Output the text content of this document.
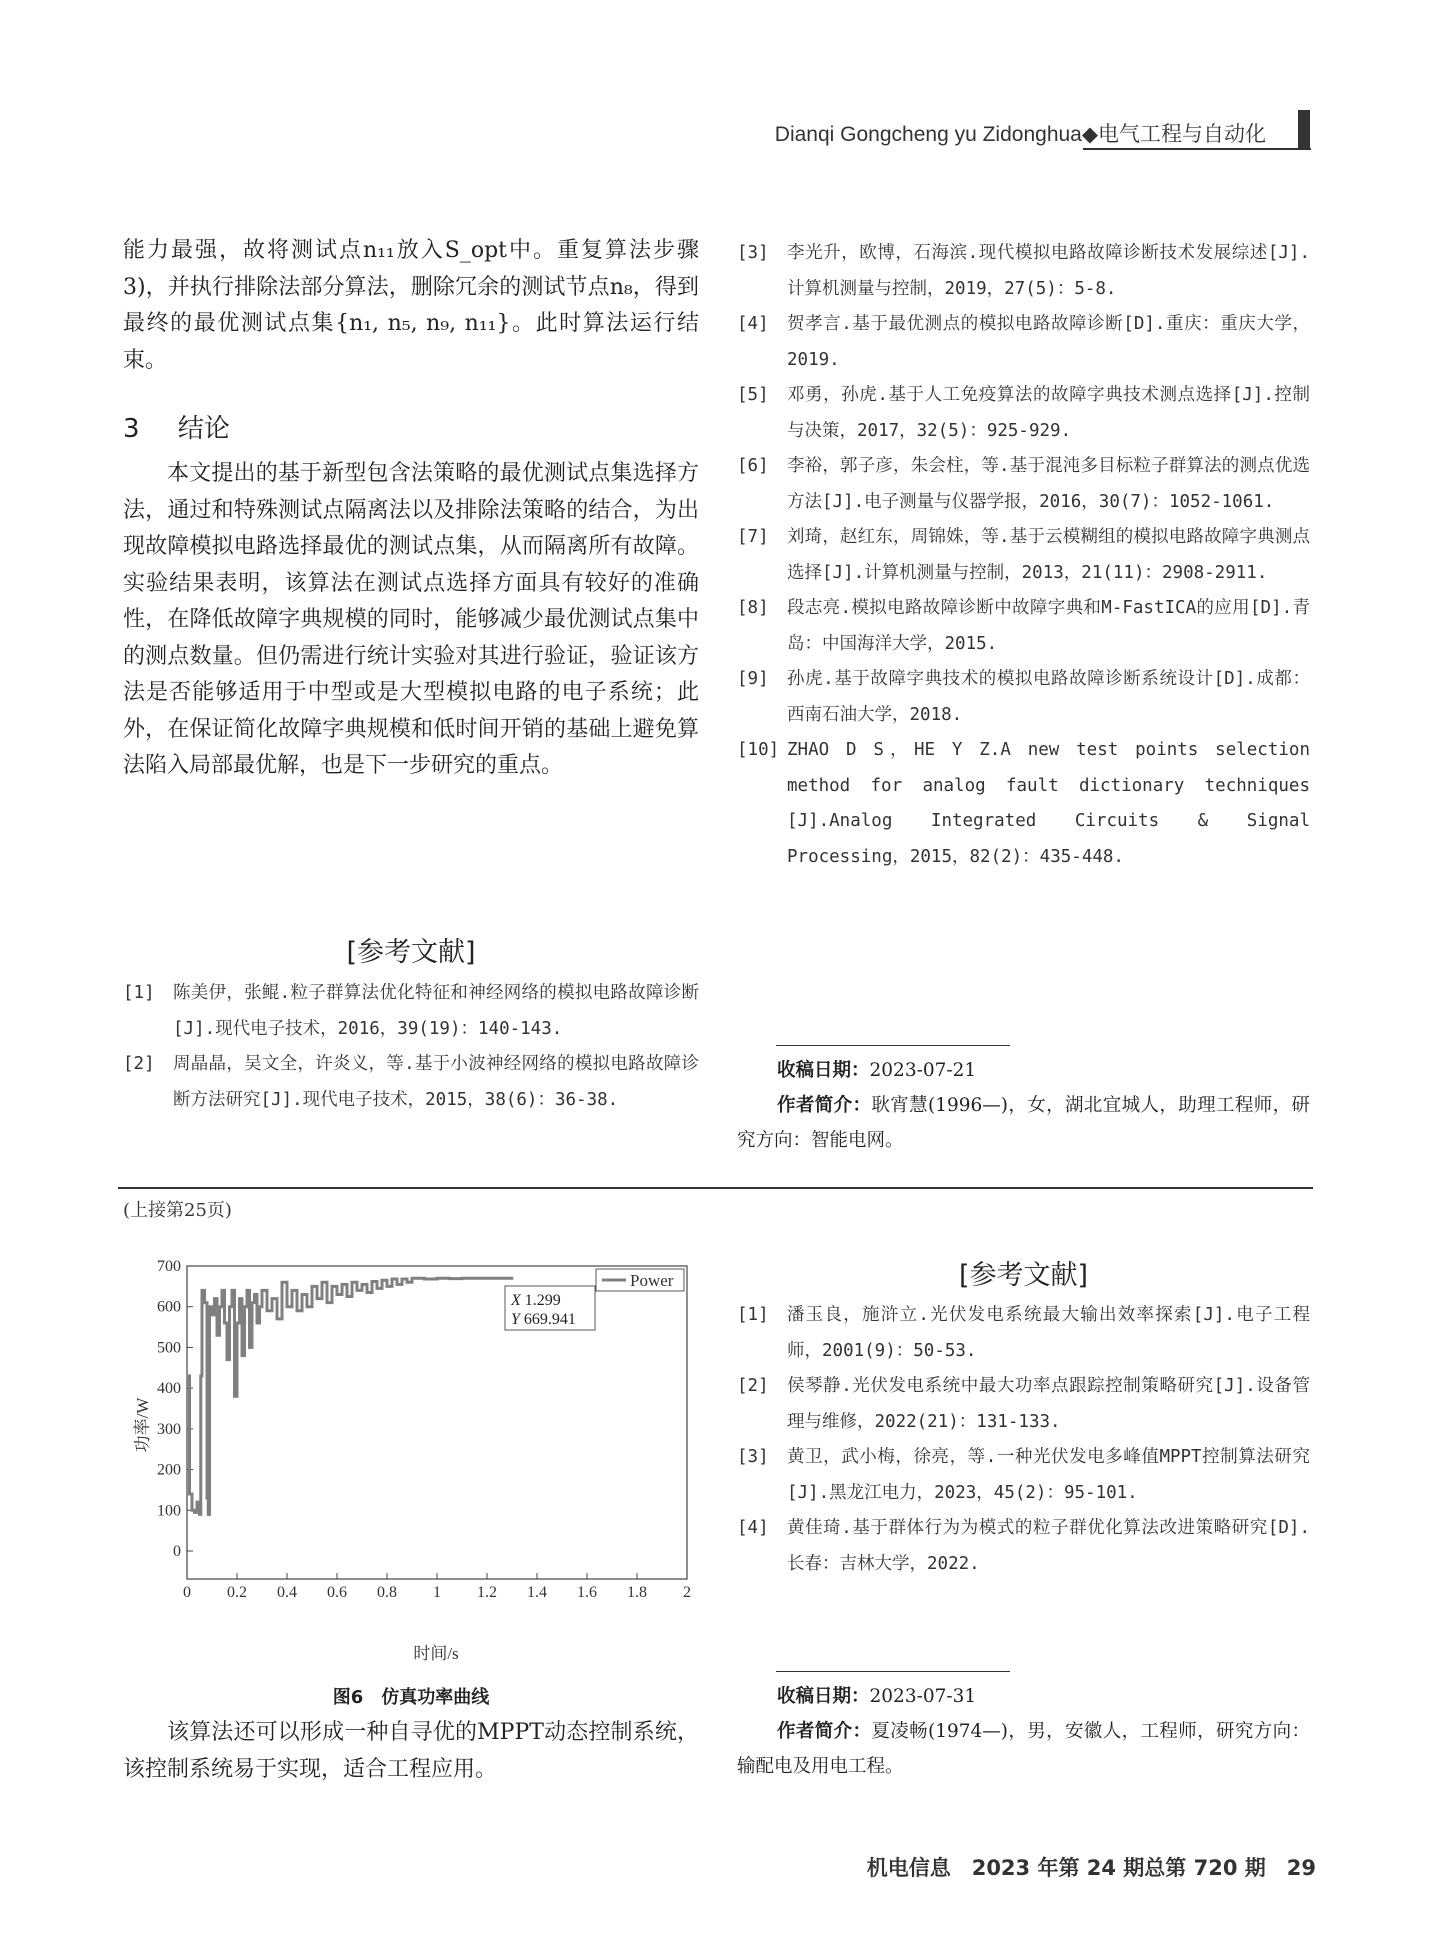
Dianqi Gongcheng yu Zidonghua◆电气工程与自动化
能力最强，故将测试点n₁₁放入S_opt中。重复算法步骤3)，并执行排除法部分算法，删除冗余的测试节点n₈，得到最终的最优测试点集{n₁, n₅, n₉, n₁₁}。此时算法运行结束。
3 结论
本文提出的基于新型包含法策略的最优测试点集选择方法，通过和特殊测试点隔离法以及排除法策略的结合，为出现故障模拟电路选择最优的测试点集，从而隔离所有故障。实验结果表明，该算法在测试点选择方面具有较好的准确性，在降低故障字典规模的同时，能够减少最优测试点集中的测点数量。但仍需进行统计实验对其进行验证，验证该方法是否能够适用于中型或是大型模拟电路的电子系统；此外，在保证简化故障字典规模和低时间开销的基础上避免算法陷入局部最优解，也是下一步研究的重点。
[参考文献]
[1]	陈美伊，张鲲.粒子群算法优化特征和神经网络的模拟电路故障诊断[J].现代电子技术，2016，39(19)：140-143.
[2]	周晶晶，吴文全，许炎义，等.基于小波神经网络的模拟电路故障诊断方法研究[J].现代电子技术，2015，38(6)：36-38.
[3]	李光升，欧博，石海滨.现代模拟电路故障诊断技术发展综述[J].计算机测量与控制，2019，27(5)：5-8.
[4]	贺孝言.基于最优测点的模拟电路故障诊断[D].重庆：重庆大学，2019.
[5]	邓勇，孙虎.基于人工免疫算法的故障字典技术测点选择[J].控制与决策，2017，32(5)：925-929.
[6]	李裕，郭子彦，朱会柱，等.基于混沌多目标粒子群算法的测点优选方法[J].电子测量与仪器学报，2016，30(7)：1052-1061.
[7]	刘琦，赵红东，周锦姝，等.基于云模糊组的模拟电路故障字典测点选择[J].计算机测量与控制，2013，21(11)：2908-2911.
[8]	段志亮.模拟电路故障诊断中故障字典和M-FastICA的应用[D].青岛：中国海洋大学，2015.
[9]	孙虎.基于故障字典技术的模拟电路故障诊断系统设计[D].成都：西南石油大学，2018.
[10] ZHAO D S，HE Y Z.A new test points selection method for analog fault dictionary techniques [J].Analog Integrated Circuits & Signal Processing，2015，82(2)：435-448.
收稿日期：2023-07-21
作者简介：耿宵慧(1996—)，女，湖北宜城人，助理工程师，研究方向：智能电网。
(上接第25页)
0
100
200
300
400
500
600
700
0 0.2 0.4 0.6 0.8 1 1.2 1.4 1.6 1.8 2
Power
X 1.299
Y 669.941
功率/W
时间/s
图6　仿真功率曲线
该算法还可以形成一种自寻优的MPPT动态控制系统，该控制系统易于实现，适合工程应用。
[参考文献]
[1]	潘玉良，施浒立.光伏发电系统最大输出效率探索[J].电子工程师，2001(9)：50-53.
[2]	侯琴静.光伏发电系统中最大功率点跟踪控制策略研究[J].设备管理与维修，2022(21)：131-133.
[3]	黄卫，武小梅，徐亮，等.一种光伏发电多峰值MPPT控制算法研究[J].黑龙江电力，2023，45(2)：95-101.
[4]	黄佳琦.基于群体行为为模式的粒子群优化算法改进策略研究[D].长春：吉林大学，2022.
收稿日期：2023-07-31
作者简介：夏凌畅(1974—)，男，安徽人，工程师，研究方向：输配电及用电工程。
机电信息　2023 年第 24 期总第 720 期　29
